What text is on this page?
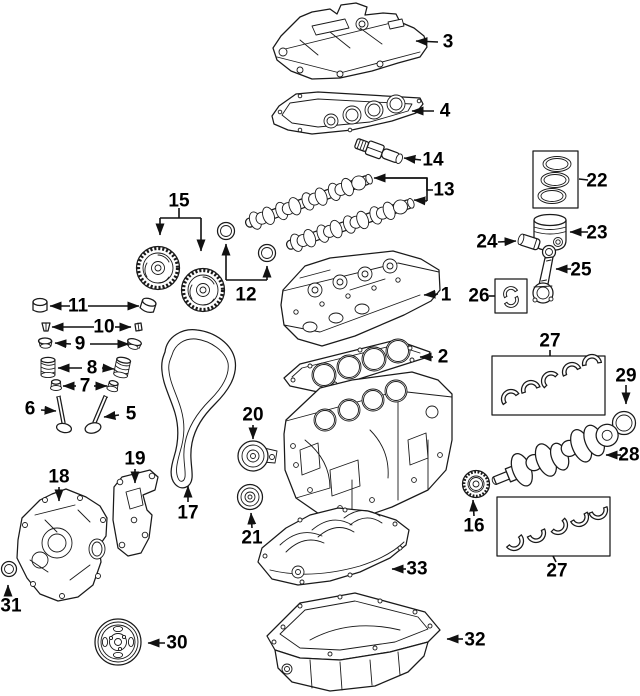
1
2
3
4
5
6
7
8
9
10
11
12
13
14
15
16
17
18
19
20
21
22
23
24
25
26
27
28
29
30
31
32
33	27
